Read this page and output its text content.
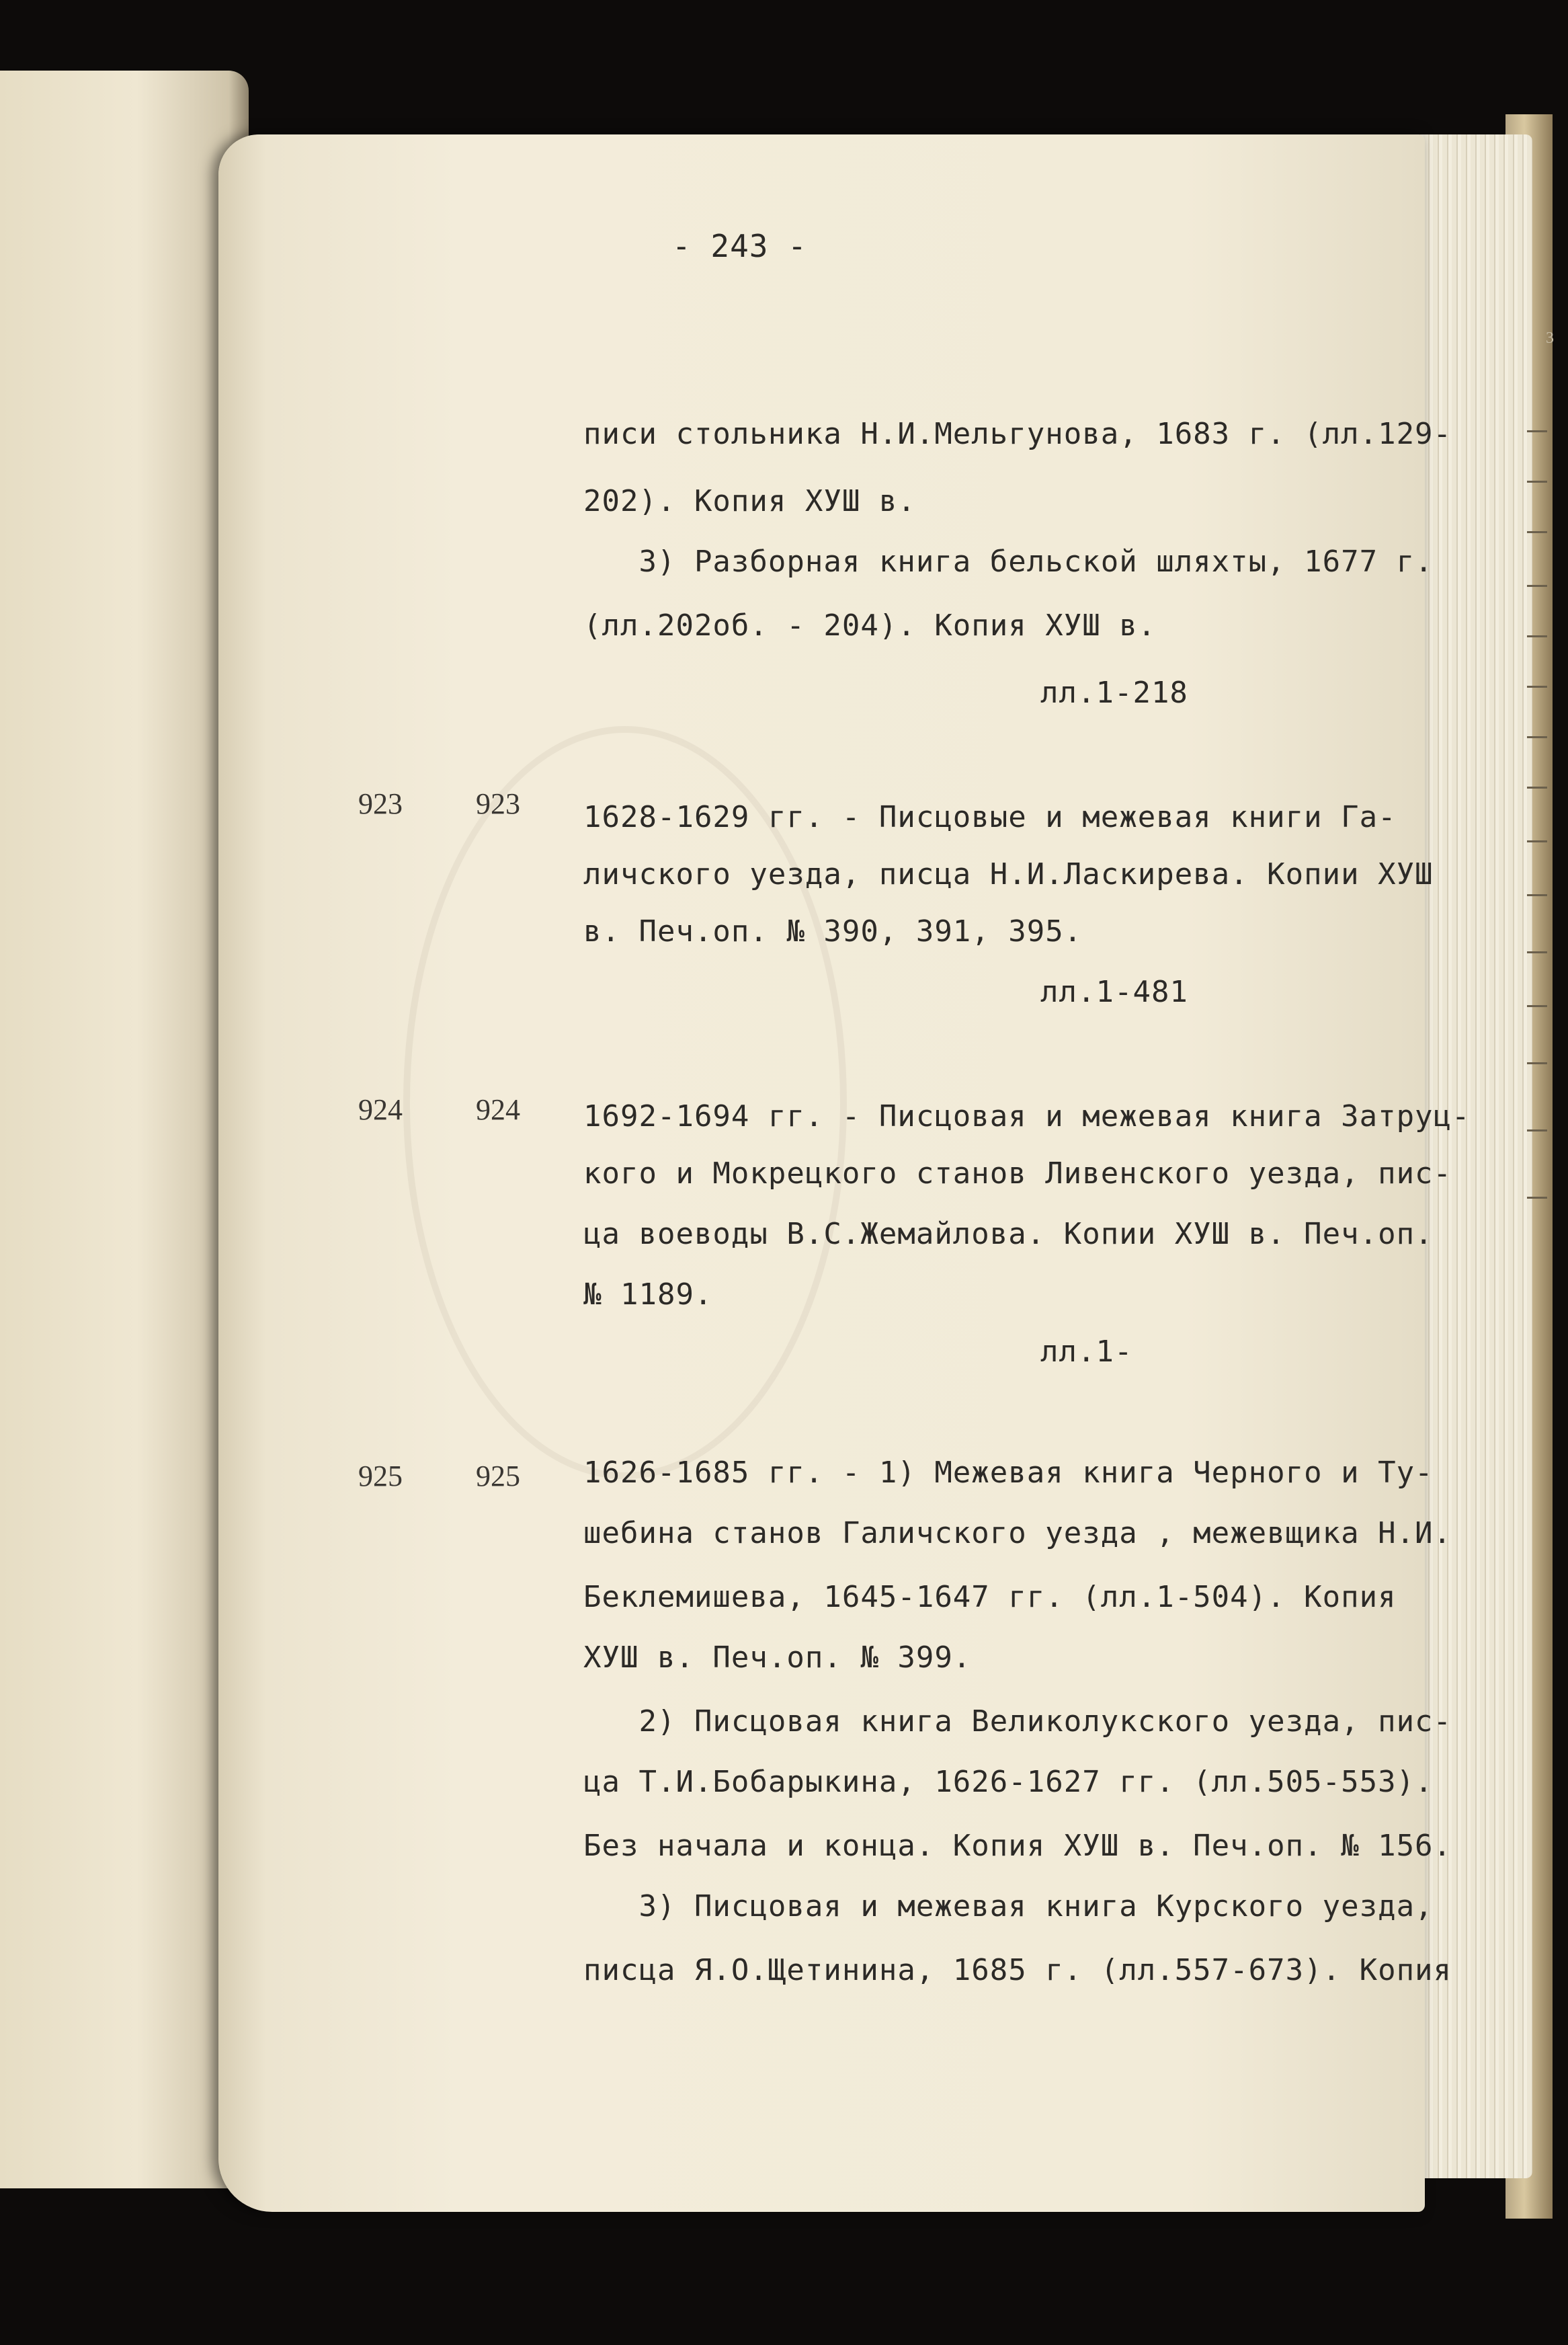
3
- 243 -
писи стольника Н.И.Мельгунова, 1683 г. (лл.129-
202). Копия ХУШ в.
3) Разборная книга бельской шляхты, 1677 г.
(лл.202об. - 204). Копия ХУШ в.
лл.1-218
923 923 1628-1629 гг. - Писцовые и межевая книги Га-
личского уезда, писца Н.И.Ласкирева. Копии ХУШ
в. Печ.оп. № 390, 391, 395.
лл.1-481
924 924 1692-1694 гг. - Писцовая и межевая книга Затруц-
кого и Мокрецкого станов Ливенского уезда, пис-
ца воеводы В.С.Жемайлова. Копии ХУШ в. Печ.оп.
№ 1189.
лл.1-
925 925 1626-1685 гг. - 1) Межевая книга Черного и Ту-
шебина станов Галичского уезда , межевщика Н.И.
Беклемишева, 1645-1647 гг. (лл.1-504). Копия
ХУШ в. Печ.оп. № 399.
2) Писцовая книга Великолукского уезда, пис-
ца Т.И.Бобарыкина, 1626-1627 гг. (лл.505-553).
Без начала и конца. Копия ХУШ в. Печ.оп. № 156.
3) Писцовая и межевая книга Курского уезда,
писца Я.О.Щетинина, 1685 г. (лл.557-673). Копия
